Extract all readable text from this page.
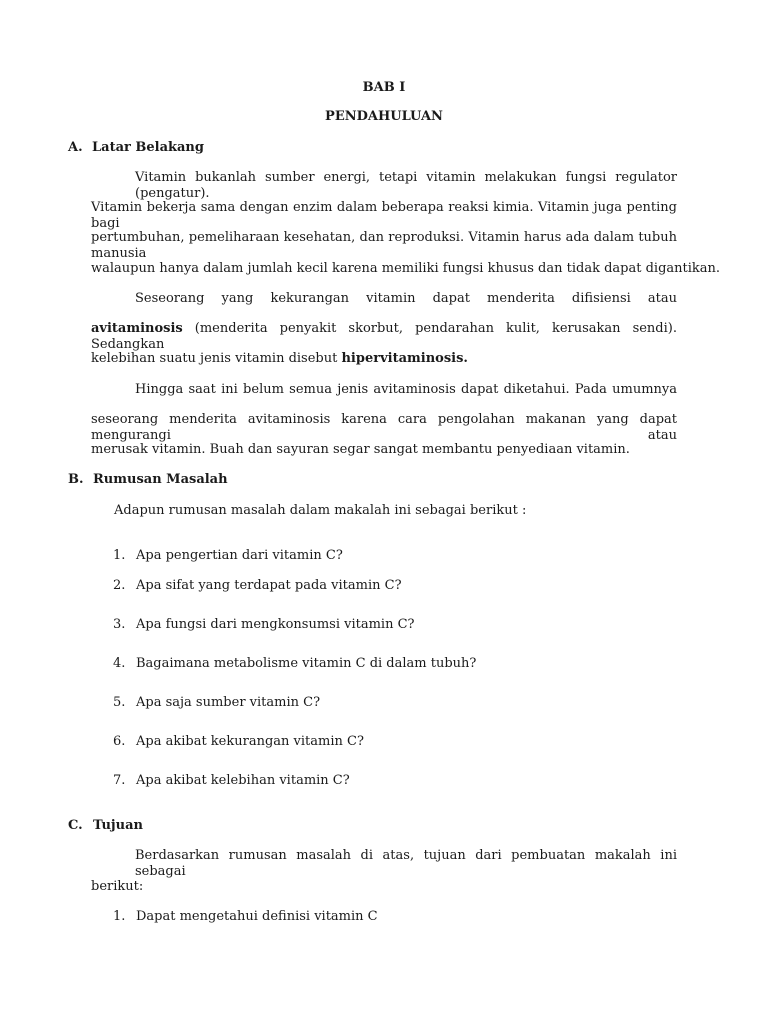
BAB I
PENDAHULUAN
A. Latar Belakang
Vitamin bukanlah sumber energi, tetapi vitamin melakukan fungsi regulator (pengatur).
Vitamin bekerja sama dengan enzim dalam beberapa reaksi kimia. Vitamin juga penting bagi
pertumbuhan, pemeliharaan kesehatan, dan reproduksi. Vitamin harus ada dalam tubuh manusia
walaupun hanya dalam jumlah kecil karena memiliki fungsi khusus dan tidak dapat digantikan.
Seseorang yang kekurangan vitamin dapat menderita difisiensi atau
avitaminosis (menderita penyakit skorbut, pendarahan kulit, kerusakan sendi). Sedangkan
kelebihan suatu jenis vitamin disebut hipervitaminosis.
Hingga saat ini belum semua jenis avitaminosis dapat diketahui. Pada umumnya
seseorang menderita avitaminosis karena cara pengolahan makanan yang dapat mengurangi atau
merusak vitamin. Buah dan sayuran segar sangat membantu penyediaan vitamin.
B. Rumusan Masalah
Adapun rumusan masalah dalam makalah ini sebagai berikut :
1. Apa pengertian dari vitamin C?
2. Apa sifat yang terdapat pada vitamin C?
3. Apa fungsi dari mengkonsumsi vitamin C?
4. Bagaimana metabolisme vitamin C di dalam tubuh?
5. Apa saja sumber vitamin C?
6. Apa akibat kekurangan vitamin C?
7. Apa akibat kelebihan vitamin C?
C. Tujuan
Berdasarkan rumusan masalah di atas, tujuan dari pembuatan makalah ini sebagai
berikut:
1. Dapat mengetahui definisi vitamin C
